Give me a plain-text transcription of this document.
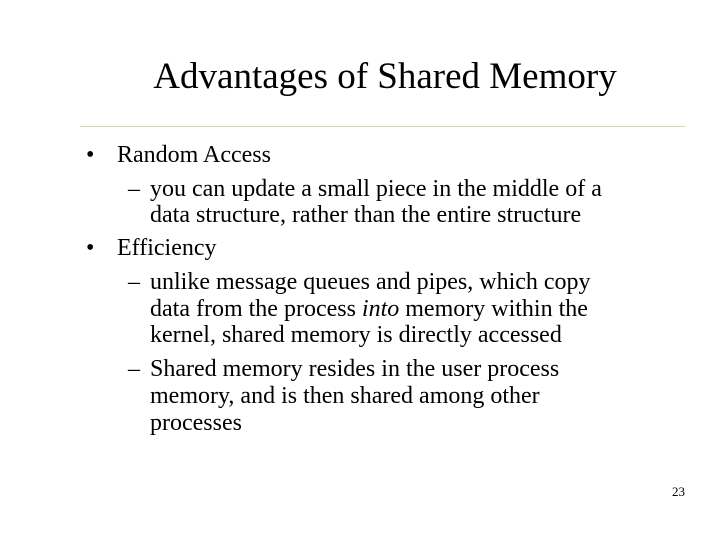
Advantages of Shared Memory
• Random Access
– you can update a small piece in the middle of a
data structure, rather than the entire structure
• Efficiency
– unlike message queues and pipes, which copy
data from the process into memory within the
kernel, shared memory is directly accessed
– Shared memory resides in the user process
memory, and is then shared among other
processes
23
